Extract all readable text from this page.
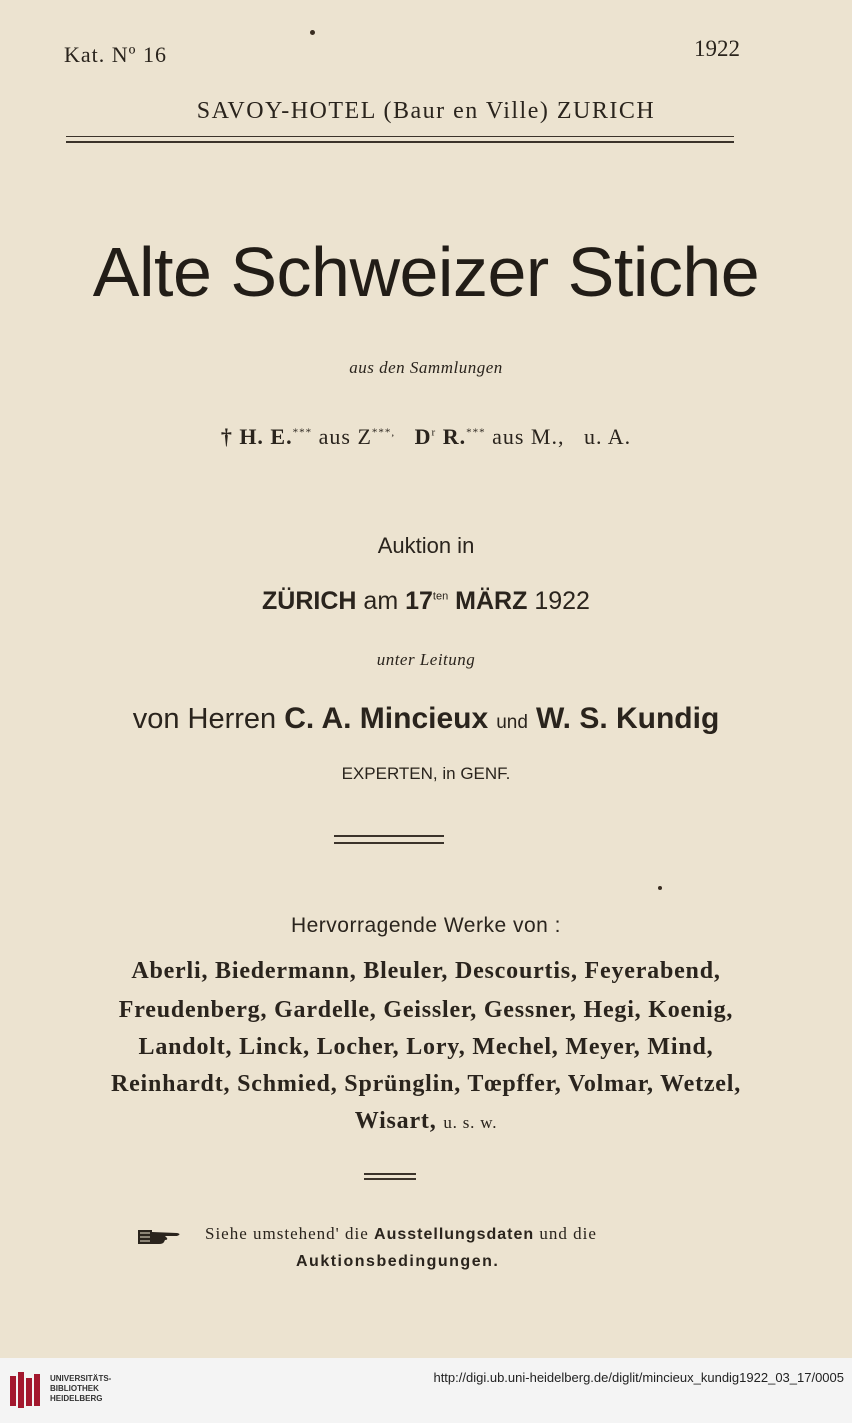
Kat. Nº 16	1922
SAVOY-HOTEL (Baur en Ville) ZURICH
Alte Schweizer Stiche
aus den Sammlungen
† H. E.*** aus Z***, $D^r$ R.*** aus M., u. A.
Auktion in
ZÜRICH am $17^{ten}$ MÄRZ 1922
unter Leitung
von Herren C. A. Mincieux und W. S. Kundig
EXPERTEN, in GENF.
Hervorragende Werke von :
Aberli, Biedermann, Bleuler, Descourtis, Feyerabend,
Freudenberg, Gardelle, Geissler, Gessner, Hegi, Koenig,
Landolt, Linck, Locher, Lory, Mechel, Meyer, Mind,
Reinhardt, Schmied, Sprünglin, Tœpffer, Volmar, Wetzel,
Wisart, u. s. w.
Siehe umstehend' die Ausstellungsdaten und die
Auktionsbedingungen.
UNIVERSITÄTS-
BIBLIOTHEK
HEIDELBERG
http://digi.ub.uni-heidelberg.de/diglit/mincieux_kundig1922_03_17/0005
